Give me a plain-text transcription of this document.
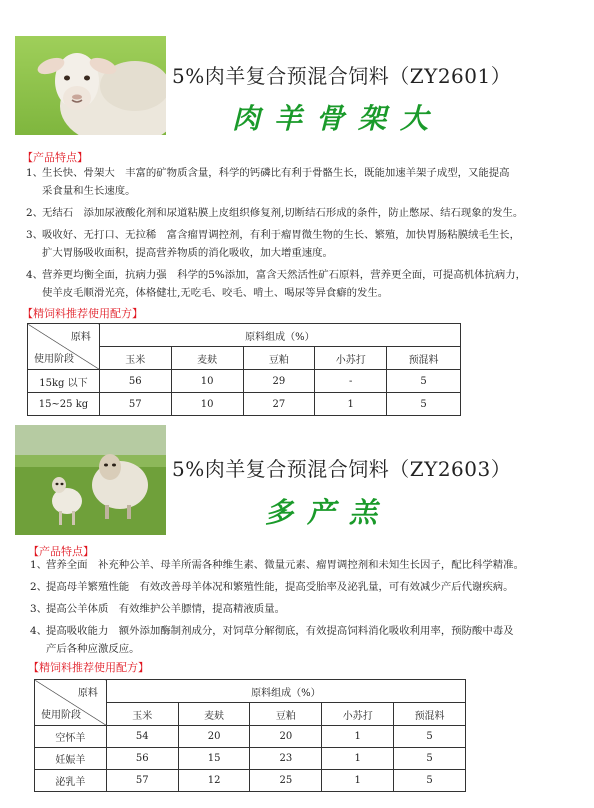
5%肉羊复合预混合饲料（ZY2601）
肉羊骨架大
【产品特点】
1、生长快、骨架大　丰富的矿物质含量，科学的钙磷比有利于骨骼生长，既能加速羊架子成型，又能提高
采食量和生长速度。
2、无结石　添加尿液酸化剂和尿道粘膜上皮组织修复剂,切断结石形成的条件，防止憋尿、结石现象的发生。
3、吸收好、无打口、无拉稀　富含瘤胃调控剂，有利于瘤胃微生物的生长、繁殖，加快胃肠粘膜绒毛生长，
扩大胃肠吸收面积，提高营养物质的消化吸收，加大增重速度。
4、营养更均衡全面，抗病力强　科学的5%添加，富含天然活性矿石原料，营养更全面，可提高机体抗病力，
使羊皮毛顺滑光亮，体格健壮,无吃毛、咬毛、啃土、喝尿等异食癖的发生。
【精饲料推荐使用配方】
原料
使用阶段	原料组成（%）				
	玉米	麦麸	豆粕	小苏打	预混料
15kg 以下	56	10	29	-	5
15~25 kg	57	10	27	1	5
5%肉羊复合预混合饲料（ZY2603）
多产羔
【产品特点】
1、营养全面　补充种公羊、母羊所需各种维生素、微量元素、瘤胃调控剂和未知生长因子，配比科学精准。
2、提高母羊繁殖性能　有效改善母羊体况和繁殖性能，提高受胎率及泌乳量，可有效减少产后代谢疾病。
3、提高公羊体质　有效维护公羊膘情，提高精液质量。
4、提高吸收能力　额外添加酶制剂成分，对饲草分解彻底，有效提高饲料消化吸收利用率，预防酸中毒及
产后各种应激反应。
【精饲料推荐使用配方】
原料
使用阶段	原料组成（%）				
	玉米	麦麸	豆粕	小苏打	预混料
空怀羊	54	20	20	1	5
妊娠羊	56	15	23	1	5
泌乳羊	57	12	25	1	5
